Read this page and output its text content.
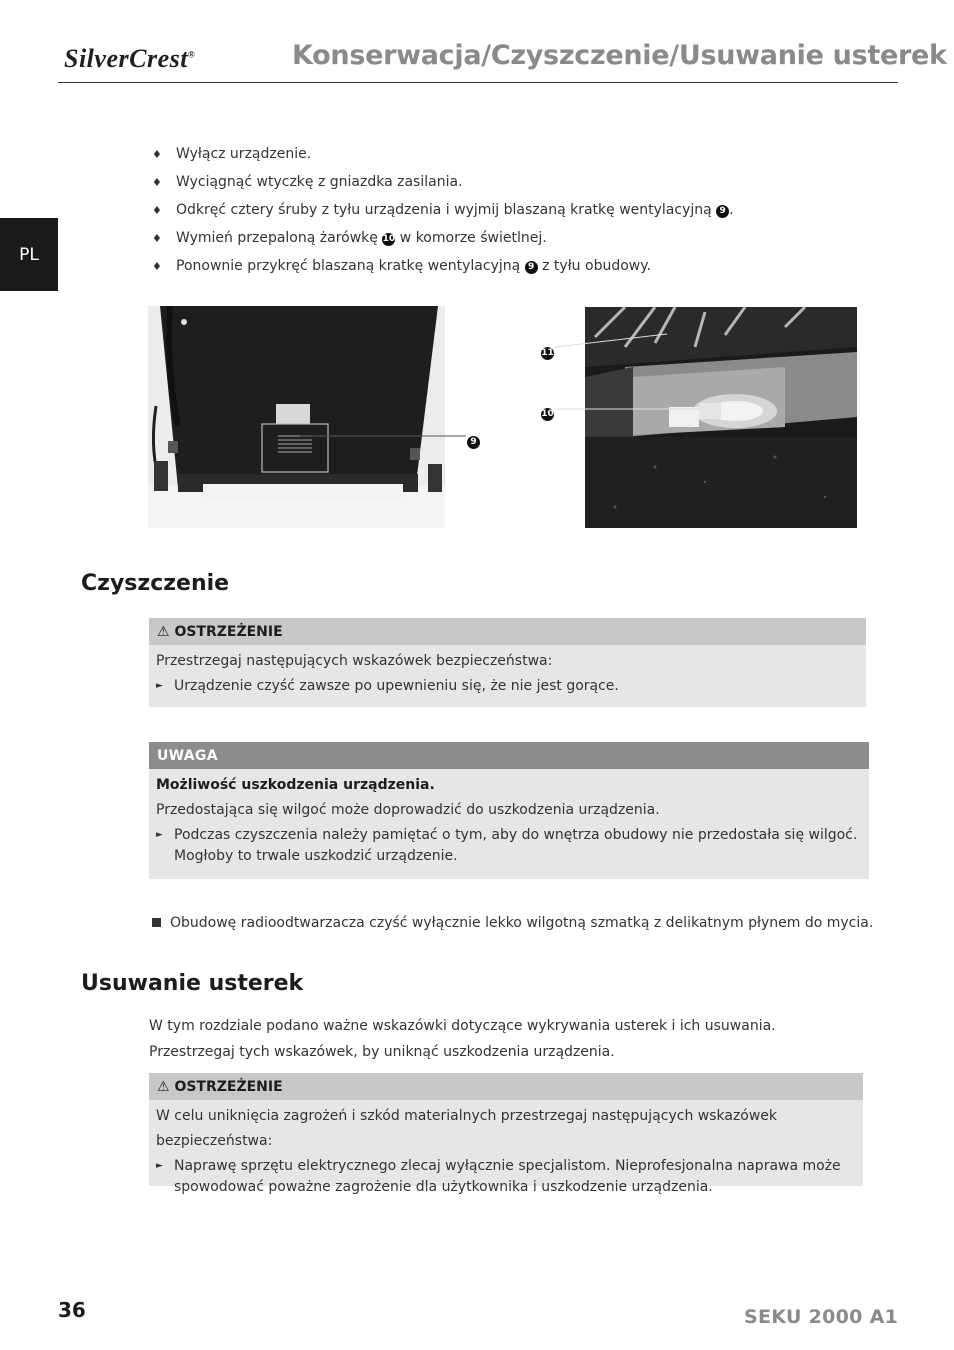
SilverCrest®	Konserwacja/Czyszczenie/Usuwanie usterek
PL
♦ Wyłącz urządzenie.
♦ Wyciągnąć wtyczkę z gniazdka zasilania.
♦ Odkręć cztery śruby z tyłu urządzenia i wyjmij blaszaną kratkę wentylacyjną 9 .
♦ Wymień przepaloną żarówkę 10 w komorze świetlnej.
♦ Ponownie przykręć blaszaną kratkę wentylacyjną 9 z tyłu obudowy.
9
11
10
Czyszczenie
⚠ OSTRZEŻENIE

Przestrzegaj następujących wskazówek bezpieczeństwa:

► Urządzenie czyść zawsze po upewnieniu się, że nie jest gorące.
UWAGA

Możliwość uszkodzenia urządzenia.

Przedostająca się wilgoć może doprowadzić do uszkodzenia urządzenia.

► Podczas czyszczenia należy pamiętać o tym, aby do wnętrza obudowy nie przedostała się wilgoć. Mogłoby to trwale uszkodzić urządzenie.
Obudowę radioodtwarzacza czyść wyłącznie lekko wilgotną szmatką z delikatnym płynem do mycia.
Usuwanie usterek
W tym rozdziale podano ważne wskazówki dotyczące wykrywania usterek i ich usuwania.
Przestrzegaj tych wskazówek, by uniknąć uszkodzenia urządzenia.
⚠ OSTRZEŻENIE

W celu uniknięcia zagrożeń i szkód materialnych przestrzegaj następujących wskazówek bezpieczeństwa:

► Naprawę sprzętu elektrycznego zlecaj wyłącznie specjalistom. Nieprofesjonalna naprawa może spowodować poważne zagrożenie dla użytkownika i uszkodzenie urządzenia.
36	SEKU 2000 A1
